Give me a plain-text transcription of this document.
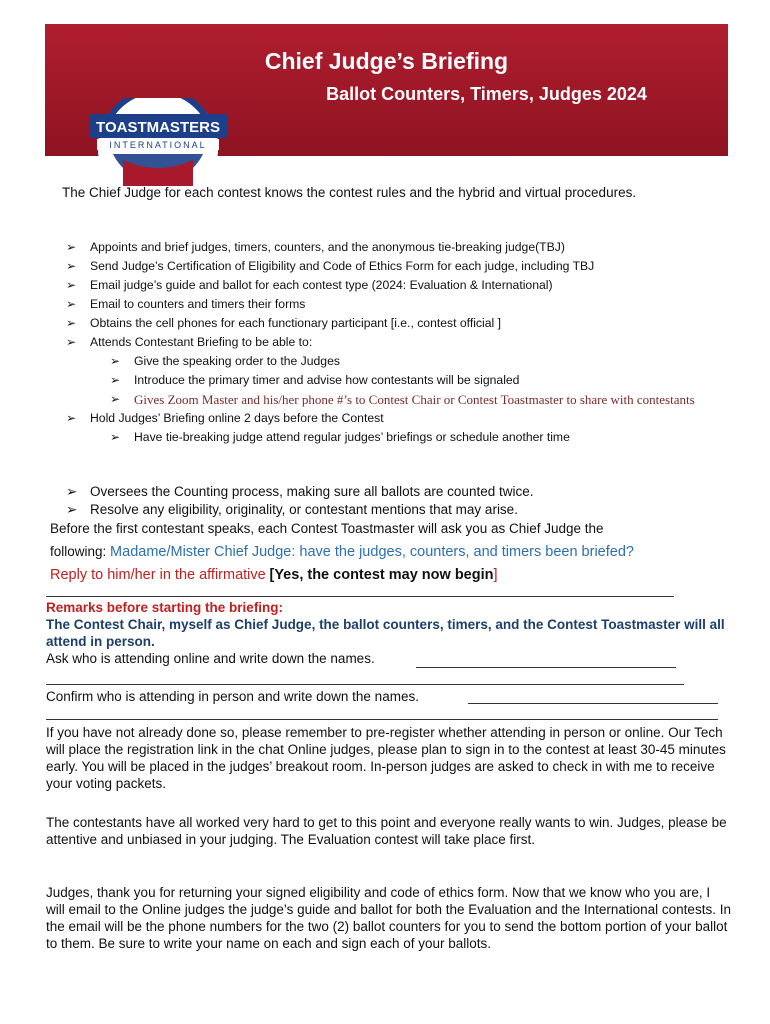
Chief Judge’s Briefing
Ballot Counters, Timers, Judges 2024
TOASTMASTERS
INTERNATIONAL
The Chief Judge for each contest knows the contest rules and the hybrid and virtual procedures.
➢ Appoints and brief judges, timers, counters, and the anonymous tie-breaking judge(TBJ)
➢ Send Judge’s Certification of Eligibility and Code of Ethics Form for each judge, including TBJ
➢ Email judge’s guide and ballot for each contest type (2024: Evaluation & International)
➢ Email to counters and timers their forms
➢ Obtains the cell phones for each functionary participant [i.e., contest official ]
➢ Attends Contestant Briefing to be able to:
➢ Give the speaking order to the Judges
➢ Introduce the primary timer and advise how contestants will be signaled
➢ Gives Zoom Master and his/her phone #’s to Contest Chair or Contest Toastmaster to share with contestants
➢ Hold Judges’ Briefing online 2 days before the Contest
➢ Have tie-breaking judge attend regular judges’ briefings or schedule another time
➢ Oversees the Counting process, making sure all ballots are counted twice.
➢ Resolve any eligibility, originality, or contestant mentions that may arise.
Before the first contestant speaks, each Contest Toastmaster will ask you as Chief Judge the
following: Madame/Mister Chief Judge: have the judges, counters, and timers been briefed?
Reply to him/her in the affirmative [Yes, the contest may now begin]
Remarks before starting the briefing:
The Contest Chair, myself as Chief Judge, the ballot counters, timers, and the Contest Toastmaster will all attend in person.
Ask who is attending online and write down the names.
Confirm who is attending in person and write down the names.
If you have not already done so, please remember to pre-register whether attending in person or online. Our Tech will place the registration link in the chat Online judges, please plan to sign in to the contest at least 30-45 minutes early. You will be placed in the judges’ breakout room. In-person judges are asked to check in with me to receive your voting packets.
The contestants have all worked very hard to get to this point and everyone really wants to win. Judges, please be attentive and unbiased in your judging. The Evaluation contest will take place first.
Judges, thank you for returning your signed eligibility and code of ethics form. Now that we know who you are, I will email to the Online judges the judge’s guide and ballot for both the Evaluation and the International contests. In the email will be the phone numbers for the two (2) ballot counters for you to send the bottom portion of your ballot to them. Be sure to write your name on each and sign each of your ballots.
